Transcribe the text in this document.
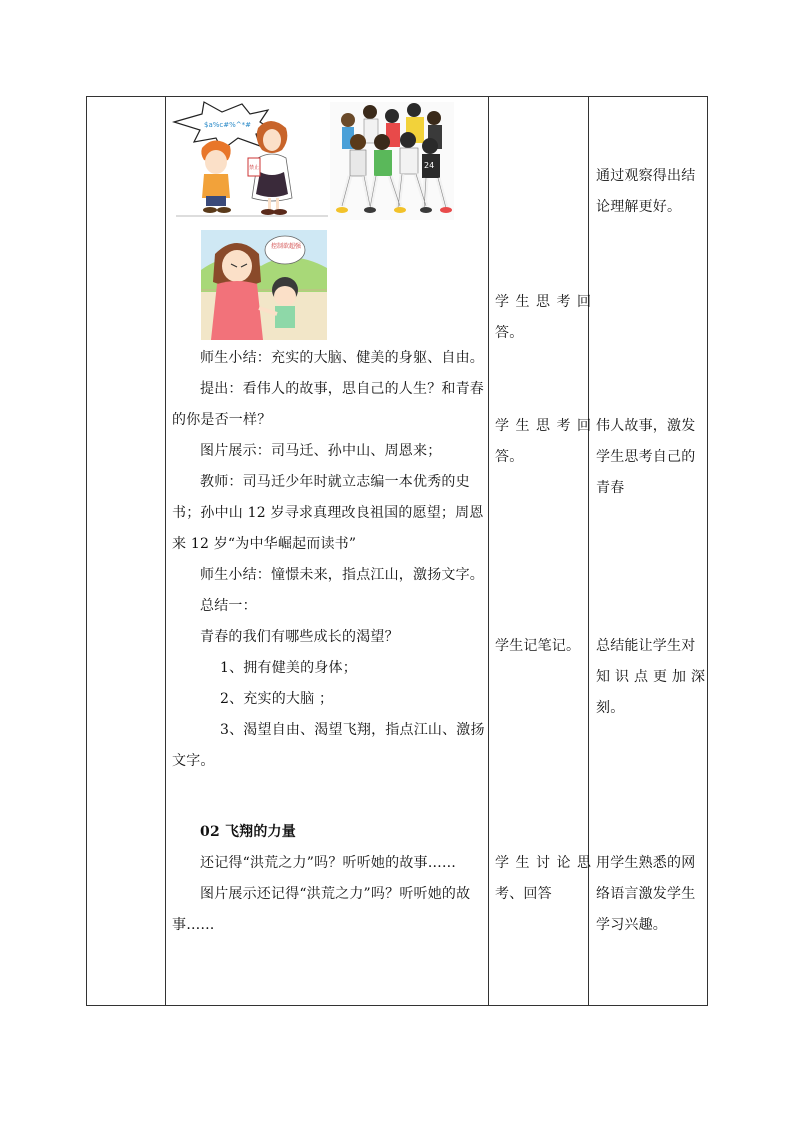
$a%c#%^*#
禁止	24
控制欲超强

师生小结：充实的大脑、健美的身躯、自由。

提出：看伟人的故事，思自己的人生？和青春

的你是否一样？

图片展示：司马迁、孙中山、周恩来；

教师：司马迁少年时就立志编一本优秀的史

书；孙中山 12 岁寻求真理改良祖国的愿望；周恩

来 12 岁“为中华崛起而读书”

师生小结：憧憬未来，指点江山，激扬文字。

总结一：

青春的我们有哪些成长的渴望？

1、拥有健美的身体；

2、充实的大脑 ；

3、渴望自由、渴望飞翔，指点江山、激扬

文字。

02 飞翔的力量

还记得“洪荒之力”吗？听听她的故事……

图片展示还记得“洪荒之力”吗？听听她的故

事……

学生思考回

答。

学生思考回

答。

学生记笔记。

学生讨论思

考、回答

通过观察得出结

论理解更好。

伟人故事，激发

学生思考自己的

青春

总结能让学生对

知识点更加深

刻。

用学生熟悉的网

络语言激发学生

学习兴趣。
